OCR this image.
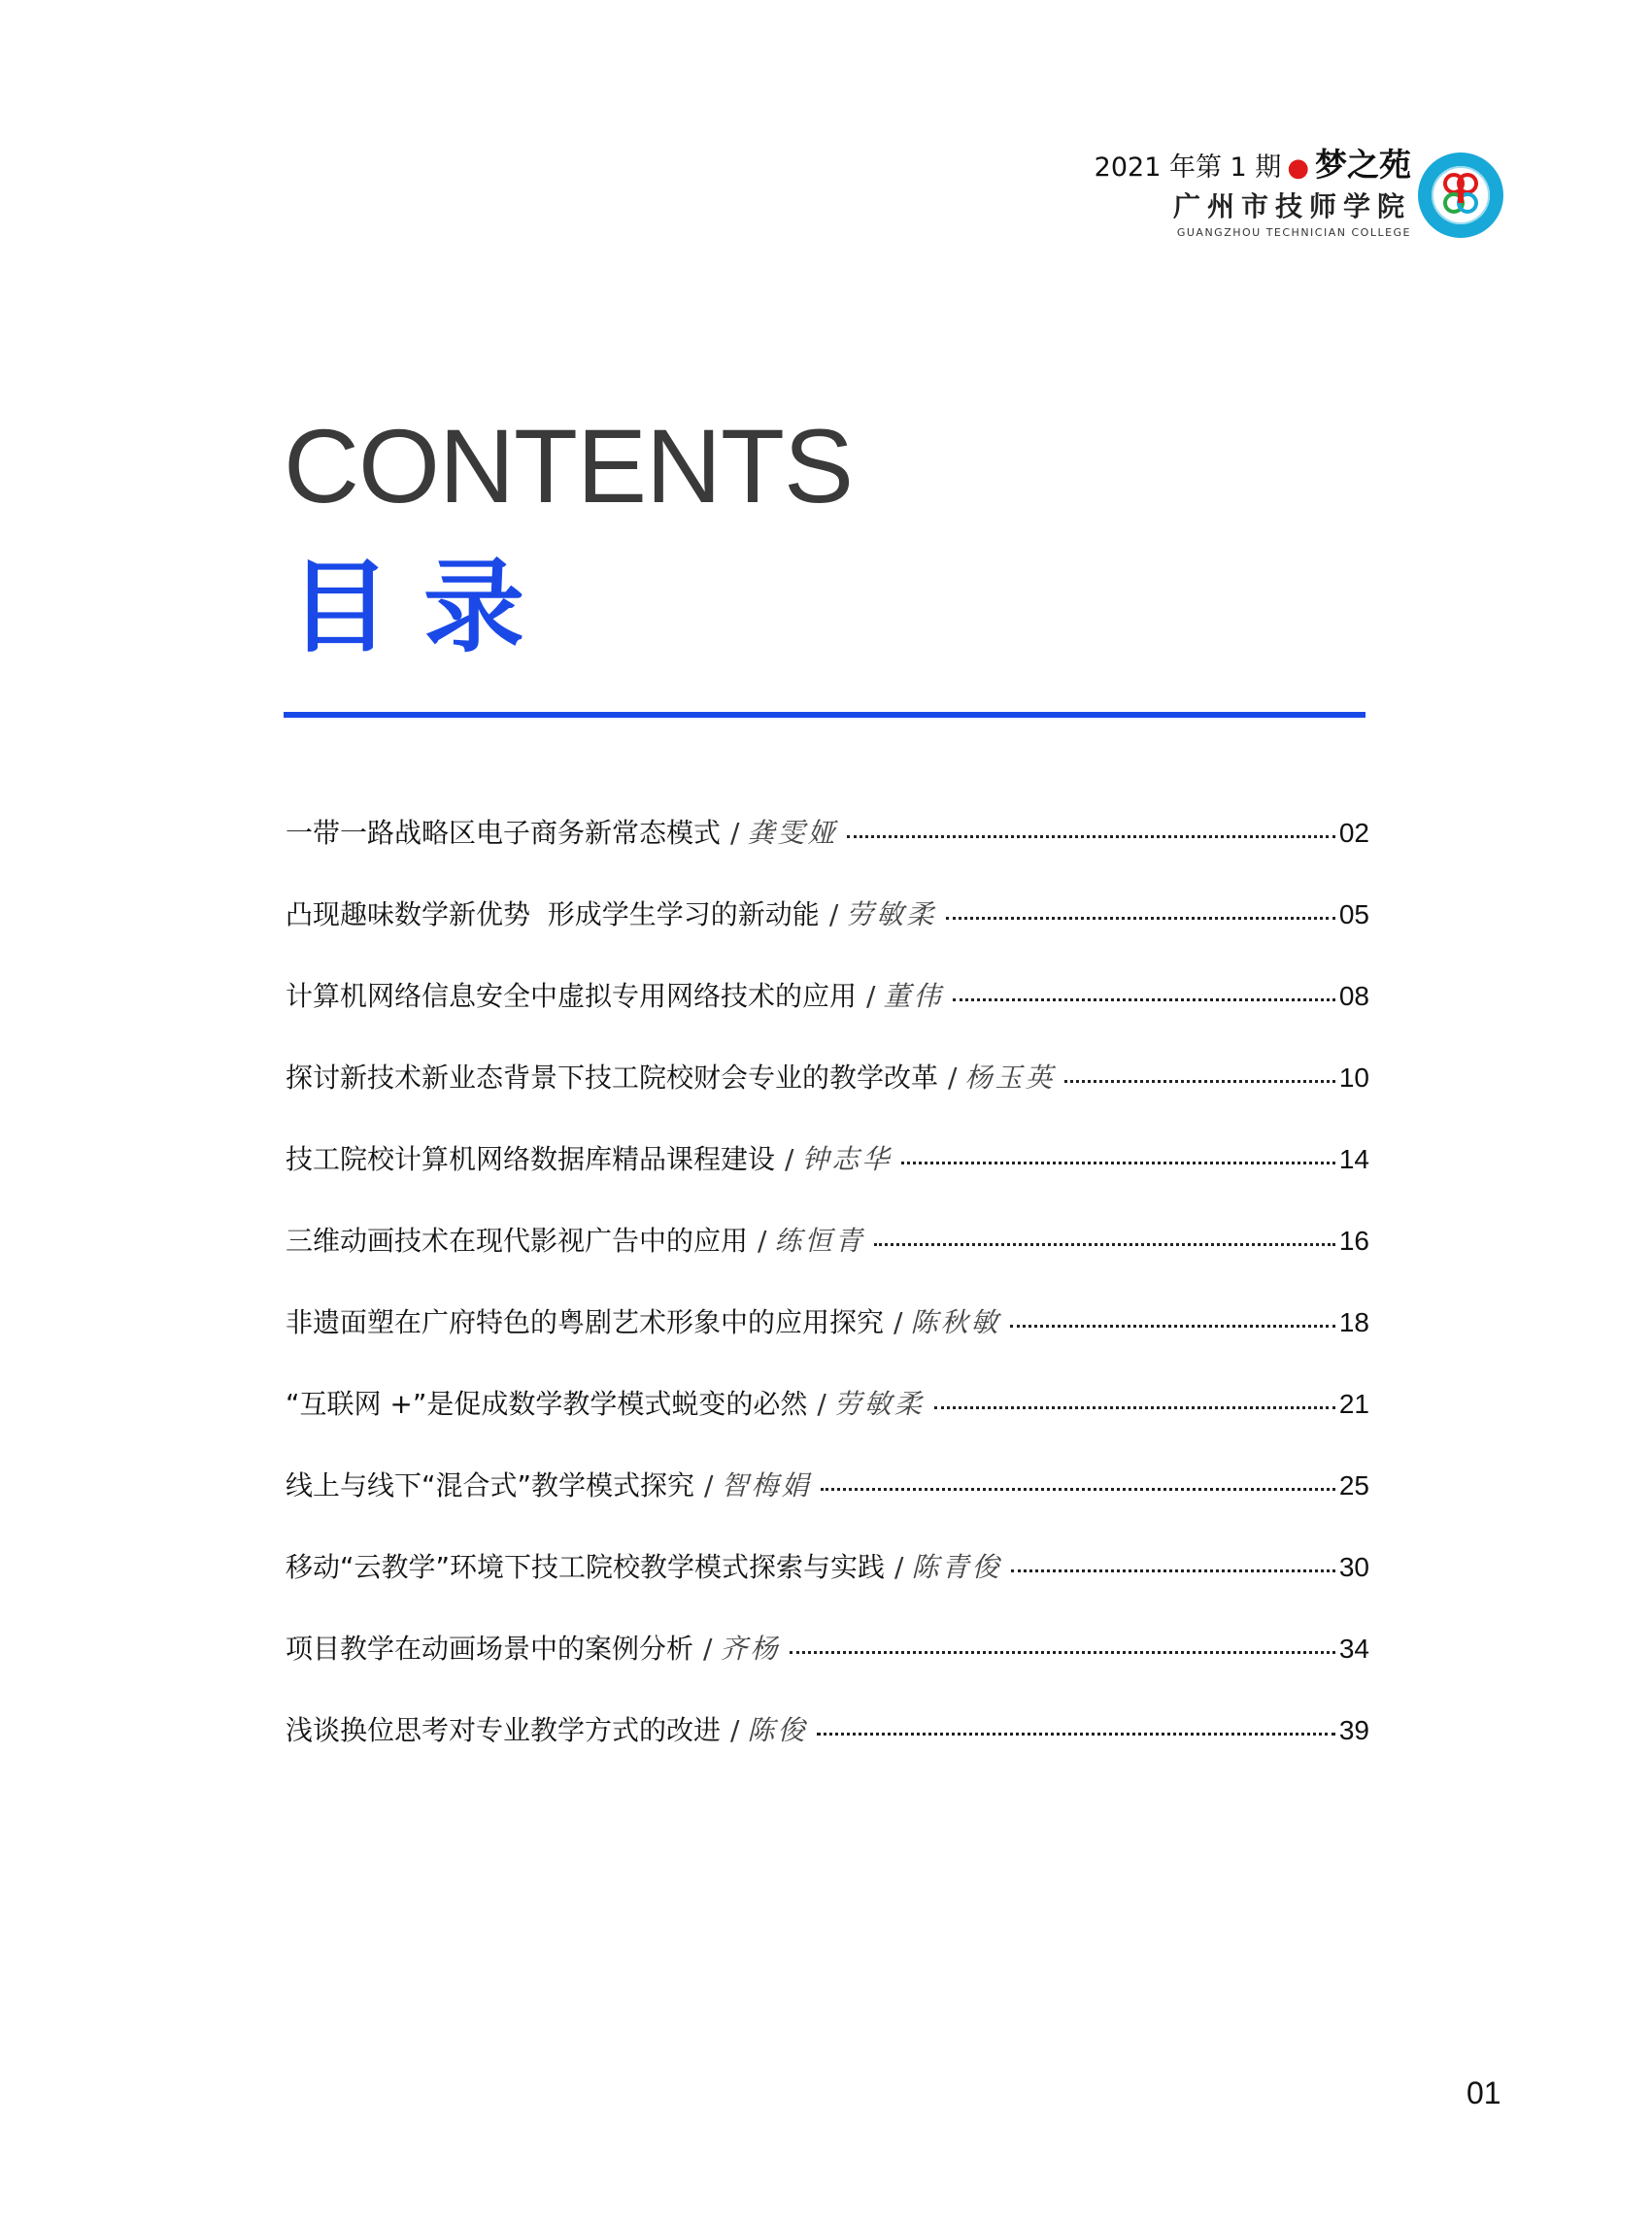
2021 年第 1 期 ● 梦之苑
广州市技师学院
GUANGZHOU TECHNICIAN COLLEGE
CONTENTS
目录
一带一路战略区电子商务新常态模式 / 龚雯娅	02
凸现趣味数学新优势  形成学生学习的新动能 / 劳敏柔	05
计算机网络信息安全中虚拟专用网络技术的应用 / 董伟	08
探讨新技术新业态背景下技工院校财会专业的教学改革 / 杨玉英	10
技工院校计算机网络数据库精品课程建设 / 钟志华	14
三维动画技术在现代影视广告中的应用 / 练恒青	16
非遗面塑在广府特色的粤剧艺术形象中的应用探究 / 陈秋敏	18
“互联网 +”是促成数学教学模式蜕变的必然 / 劳敏柔	21
线上与线下“混合式”教学模式探究 / 智梅娟	25
移动“云教学”环境下技工院校教学模式探索与实践 / 陈青俊	30
项目教学在动画场景中的案例分析 / 齐杨	34
浅谈换位思考对专业教学方式的改进 / 陈俊	39
01
